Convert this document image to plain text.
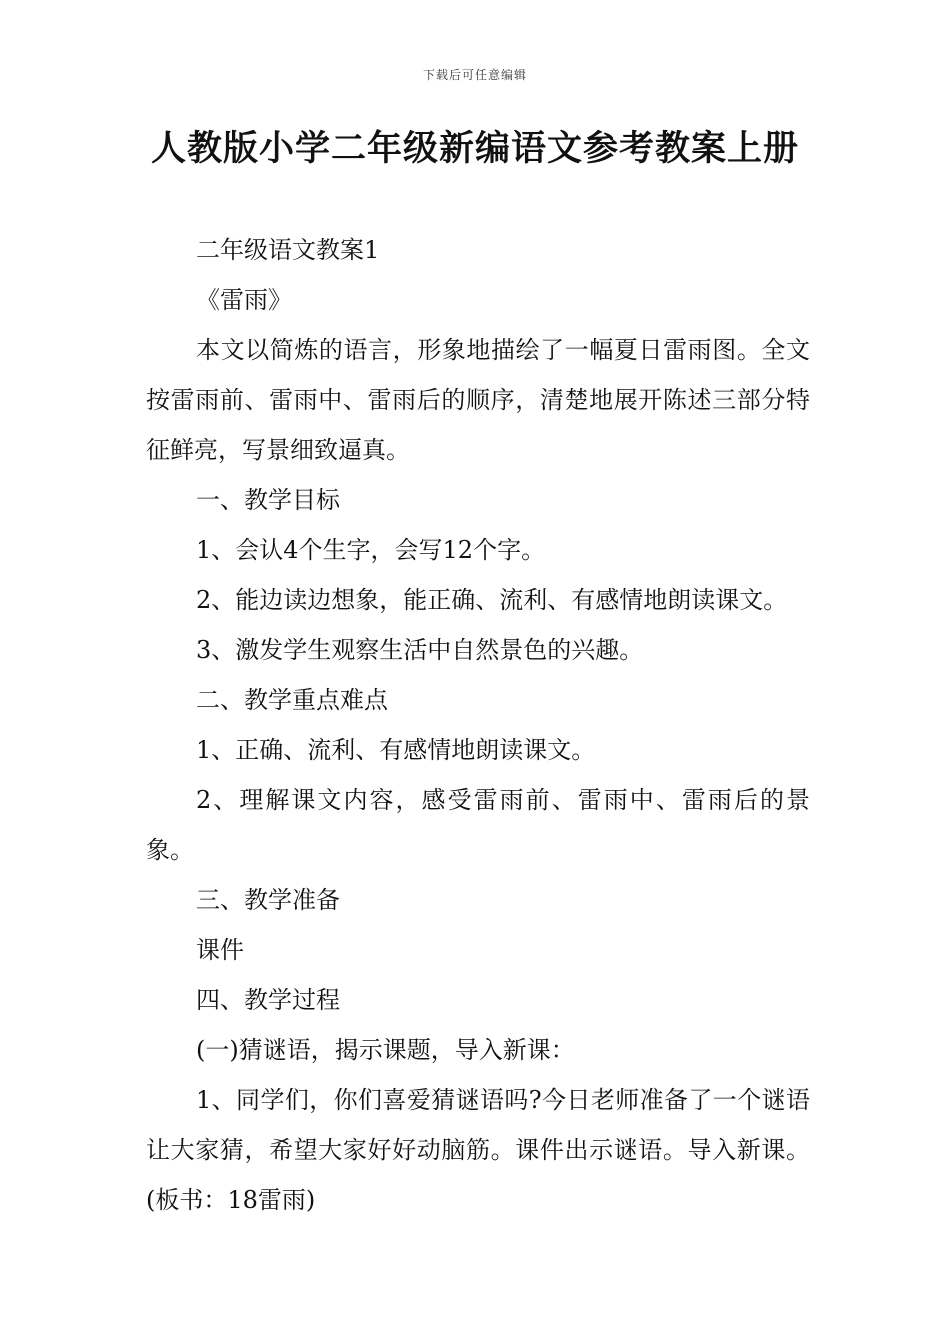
下载后可任意编辑
人教版小学二年级新编语文参考教案上册

二年级语文教案1

《雷雨》

本文以简炼的语言，形象地描绘了一幅夏日雷雨图。全文按雷雨前、雷雨中、雷雨后的顺序，清楚地展开陈述三部分特征鲜亮，写景细致逼真。

一、教学目标

1、会认4个生字，会写12个字。

2、能边读边想象，能正确、流利、有感情地朗读课文。

3、激发学生观察生活中自然景色的兴趣。

二、教学重点难点

1、正确、流利、有感情地朗读课文。

2、理解课文内容，感受雷雨前、雷雨中、雷雨后的景象。

三、教学准备

课件

四、教学过程

(一)猜谜语，揭示课题，导入新课：

1、同学们，你们喜爱猜谜语吗?今日老师准备了一个谜语让大家猜，希望大家好好动脑筋。课件出示谜语。导入新课。(板书：18雷雨)
